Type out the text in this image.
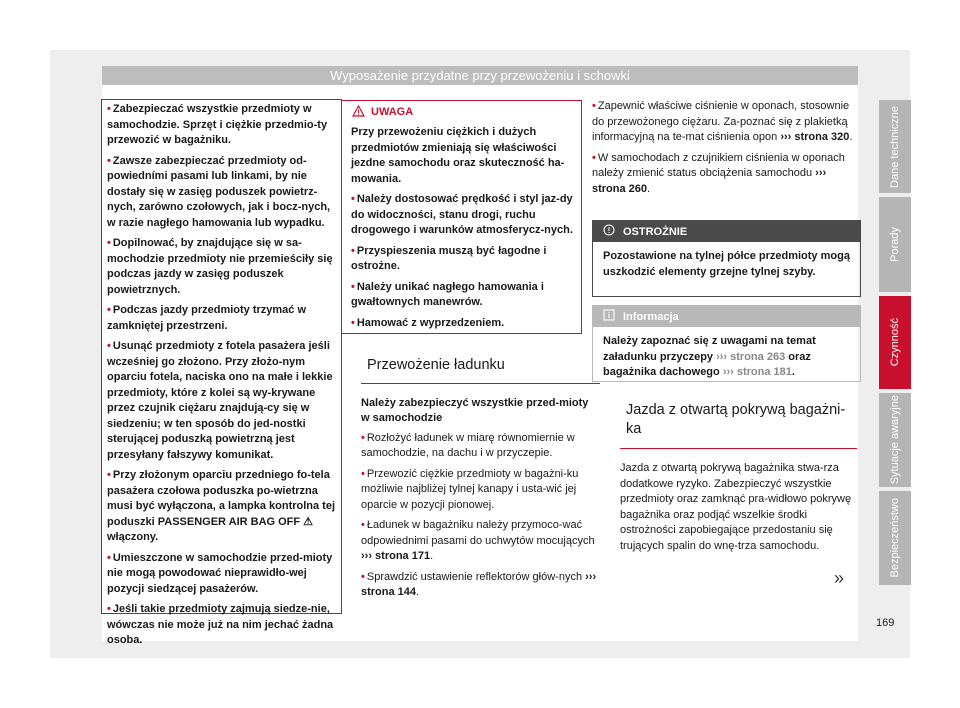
Wyposażenie przydatne przy przewożeniu i schowki
• Zabezpieczać wszystkie przedmioty w samochodzie. Sprzęt i ciężkie przedmio-ty przewozić w bagażniku.
• Zawsze zabezpieczać przedmioty od-powiedními pasami lub linkami, by nie dostały się w zasięg poduszek powietrz-nych, zarówno czołowych, jak i bocz-nych, w razie nagłego hamowania lub wypadku.
• Dopilnować, by znajdujące się w sa-mochodzie przedmioty nie przemieściły się podczas jazdy w zasięg poduszek powietrznych.
• Podczas jazdy przedmioty trzymać w zamkniętej przestrzeni.
• Usunąć przedmioty z fotela pasażera jeśli wcześniej go złożono. Przy złożo-nym oparciu fotela, naciska ono na małe i lekkie przedmioty, które z kolei są wy-krywane przez czujnik ciężaru znajdują-cy się w siedzeniu; w ten sposób do jed-nostki sterującej poduszką powietrzną jest przesyłany fałszywy komunikat.
• Przy złożonym oparciu przedniego fo-tela pasażera czołowa poduszka po-wietrzna musi być wyłączona, a lampka kontrolna tej poduszki PASSENGER AIR BAG OFF ⚠ włączony.
• Umieszczone w samochodzie przed-mioty nie mogą powodować nieprawidło-wej pozycji siedzącej pasażerów.
• Jeśli takie przedmioty zajmują siedze-nie, wówczas nie może już na nim jechać żadna osoba.
UWAGA
Przy przewożeniu ciężkich i dużych przedmiotów zmieniają się właściwości jezdne samochodu oraz skuteczność ha-mowania.
• Należy dostosować prędkość i styl jaz-dy do widoczności, stanu drogi, ruchu drogowego i warunków atmosferycz-nych.
• Przyspieszenia muszą być łagodne i ostrożne.
• Należy unikać nagłego hamowania i gwałtownych manewrów.
• Hamować z wyprzedzeniem.
Przewożenie ładunku
Należy zabezpieczyć wszystkie przed-mioty w samochodzie
• Rozłożyć ładunek w miarę równomiernie w samochodzie, na dachu i w przyczepie.
• Przewozić ciężkie przedmioty w bagażni-ku możliwie najbliżej tylnej kanapy i usta-wić jej oparcie w pozycji pionowej.
• Ładunek w bagażniku należy przymoco-wać odpowiednimi pasami do uchwytów mocujących ››› strona 171.
• Sprawdzić ustawienie reflektorów głów-nych ››› strona 144.
• Zapewnić właściwe ciśnienie w oponach, stosownie do przewożonego ciężaru. Za-poznać się z plakietką informacyjną na te-mat ciśnienia opon ››› strona 320.
• W samochodach z czujnikiem ciśnienia w oponach należy zmienić status obciążenia samochodu ››› strona 260.
OSTROŻNIE
Pozostawione na tylnej półce przedmioty mogą uszkodzić elementy grzejne tylnej szyby.
Informacja
Należy zapoznać się z uwagami na temat załadunku przyczepy ››› strona 263 oraz bagażnika dachowego ››› strona 181.
Jazda z otwartą pokrywą bagażni-ka
Jazda z otwartą pokrywą bagażnika stwa-rza dodatkowe ryzyko. Zabezpieczyć wszystkie przedmioty oraz zamknąć pra-widłowo pokrywę bagażnika oraz podjąć wszelkie środki ostrożności zapobiegające przedostaniu się trujących spalin do wnę-trza samochodu.
»
Dane techniczne
Porady
Czynność
Sytuacje awaryjne
Bezpieczeństwo
169
